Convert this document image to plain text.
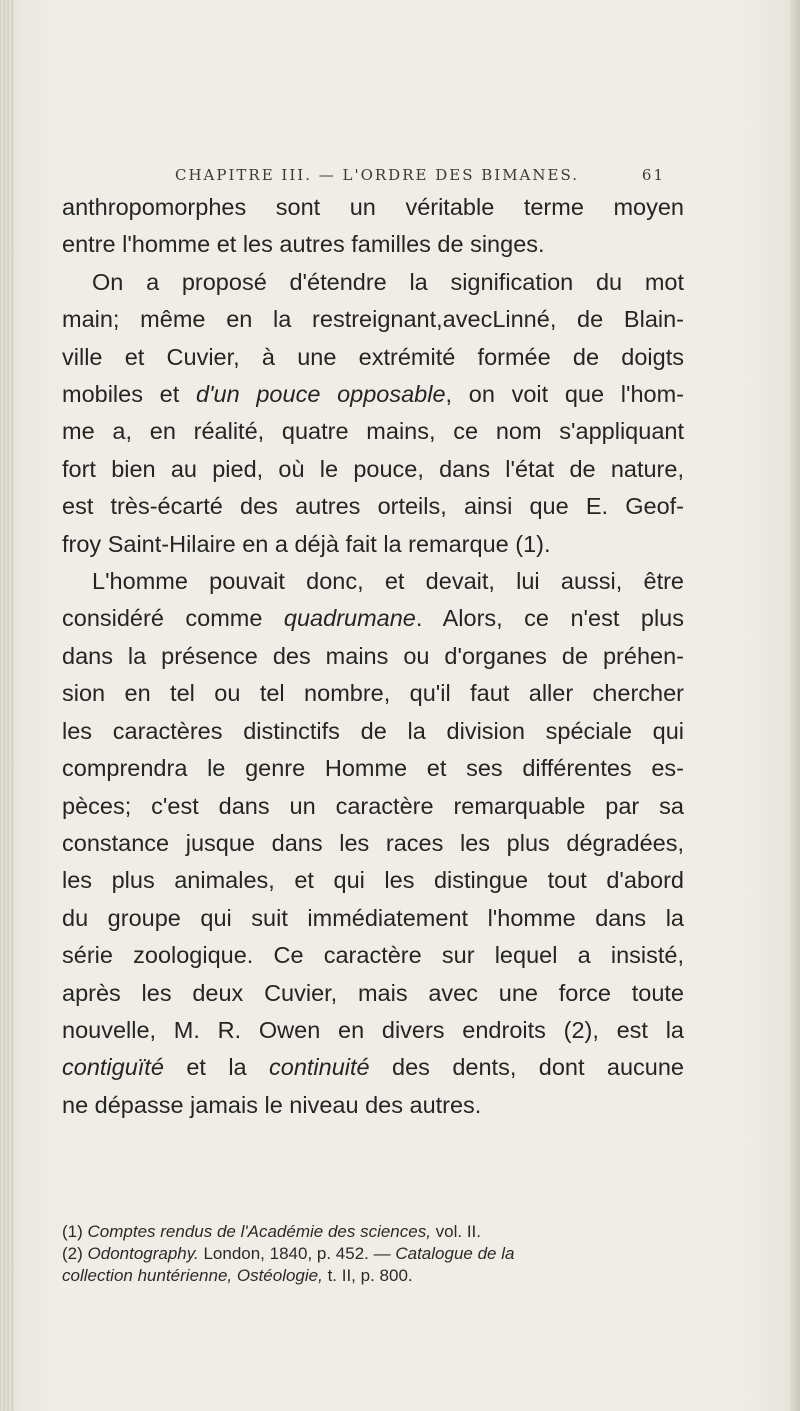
CHAPITRE III. — L'ORDRE DES BIMANES.	61
anthropomorphes sont un véritable terme moyen
entre l'homme et les autres familles de singes.
On a proposé d'étendre la signification du mot
main; même en la restreignant,avecLinné, de Blain-
ville et Cuvier, à une extrémité formée de doigts
mobiles et d'un pouce opposable, on voit que l'hom-
me a, en réalité, quatre mains, ce nom s'appliquant
fort bien au pied, où le pouce, dans l'état de nature,
est très-écarté des autres orteils, ainsi que E. Geof-
froy Saint-Hilaire en a déjà fait la remarque (1).
L'homme pouvait donc, et devait, lui aussi, être
considéré comme quadrumane. Alors, ce n'est plus
dans la présence des mains ou d'organes de préhen-
sion en tel ou tel nombre, qu'il faut aller chercher
les caractères distinctifs de la division spéciale qui
comprendra le genre Homme et ses différentes es-
pèces; c'est dans un caractère remarquable par sa
constance jusque dans les races les plus dégradées,
les plus animales, et qui les distingue tout d'abord
du groupe qui suit immédiatement l'homme dans la
série zoologique. Ce caractère sur lequel a insisté,
après les deux Cuvier, mais avec une force toute
nouvelle, M. R. Owen en divers endroits (2), est la
contiguïté et la continuité des dents, dont aucune
ne dépasse jamais le niveau des autres.
(1) Comptes rendus de l'Académie des sciences, vol. II.
(2) Odontography. London, 1840, p. 452. — Catalogue de la
collection huntérienne, Ostéologie, t. II, p. 800.
